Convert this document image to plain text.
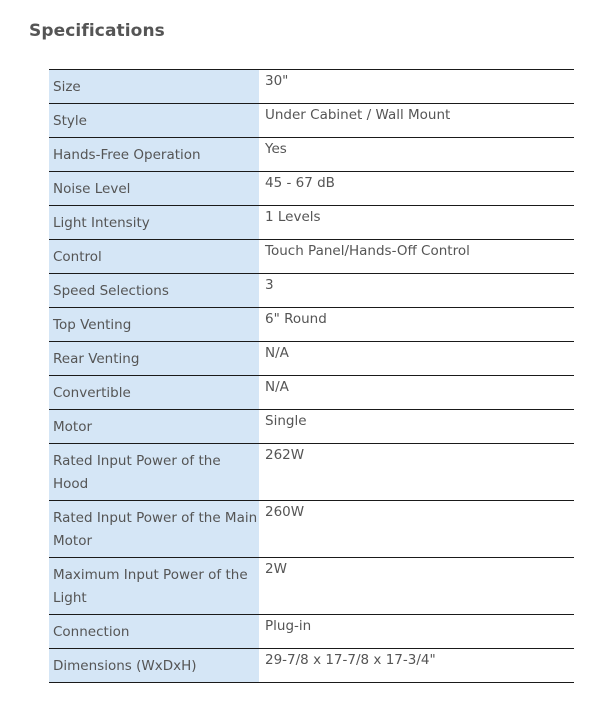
Specifications
Size	30"
Style	Under Cabinet / Wall Mount
Hands-Free Operation	Yes
Noise Level	45 - 67 dB
Light Intensity	1 Levels
Control	Touch Panel/Hands-Off Control
Speed Selections	3
Top Venting	6" Round
Rear Venting	N/A
Convertible	N/A
Motor	Single
Rated Input Power of the Hood	262W
Rated Input Power of the Main Motor	260W
Maximum Input Power of the Light	2W
Connection	Plug-in
Dimensions (WxDxH)	29-7/8 x 17-7/8 x 17-3/4"
